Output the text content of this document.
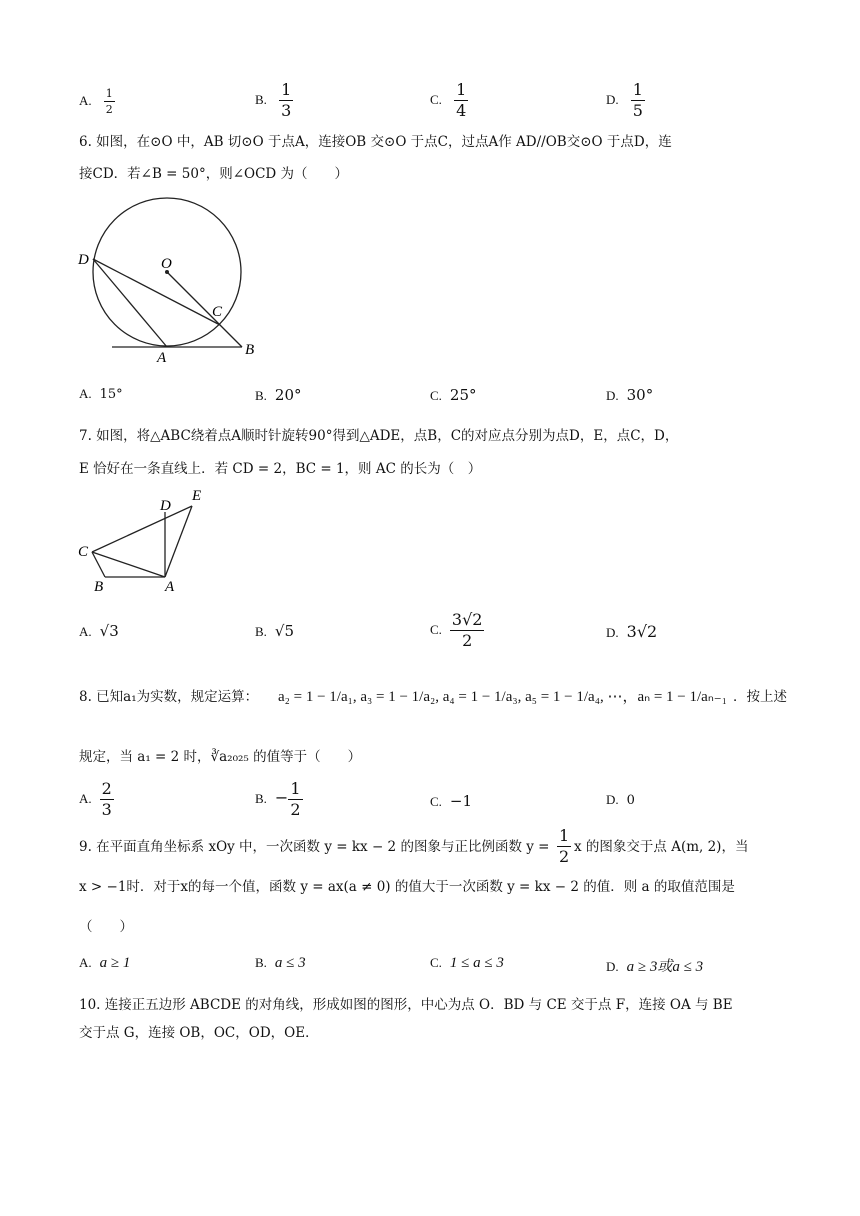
A. $\frac{1}{2}$	B. $\frac{1}{3}$	C. $\frac{1}{4}$	D. $\frac{1}{5}$
6. 如图，在⊙O 中，AB 切⊙O 于点A，连接OB 交⊙O 于点C，过点A作 AD//OB交⊙O 于点D，连
接CD．若∠B = 50°，则∠OCD 为（　　）
D	O
C
A	B
A. 15°	B. 20°	C. 25°	D. 30°
7. 如图，将△ABC绕着点A顺时针旋转90°得到△ADE，点B，C的对应点分别为点D，E，点C，D，
E 恰好在一条直线上．若 CD = 2，BC = 1，则 AC 的长为（　）
C
D
E
B	A
A. √3	B. √5	C. $\frac{3√2}{2}$	D. 3√2
8. 已知a₁为实数，规定运算： a₂ = 1 − 1/a₁, a₃ = 1 − 1/a₂, a₄ = 1 − 1/a₃, a₅ = 1 − 1/a₄, ⋯，aₙ = 1 − 1/aₙ₋₁ ．按上述
规定，当 a₁ = 2 时，∛a₂₀₂₅ 的值等于（　　）
A. $\frac{2}{3}$	B. − $\frac{1}{2}$	C. −1	D. 0
9. 在平面直角坐标系 xOy 中，一次函数 y = kx − 2 的图象与正比例函数 $y = \frac{1}{2}$ x 的图象交于点 A(m, 2)，当
x > −1时．对于x的每一个值，函数 y = ax(a ≠ 0) 的值大于一次函数 y = kx − 2 的值．则 a 的取值范围是
（　　）
A. a ≥ 1	B. a ≤ 3	C. 1 ≤ a ≤ 3	D. a ≥ 3或a ≤ 3
10. 连接正五边形 ABCDE 的对角线，形成如图的图形，中心为点 O．BD 与 CE 交于点 F，连接 OA 与 BE
交于点 G，连接 OB，OC，OD，OE．
